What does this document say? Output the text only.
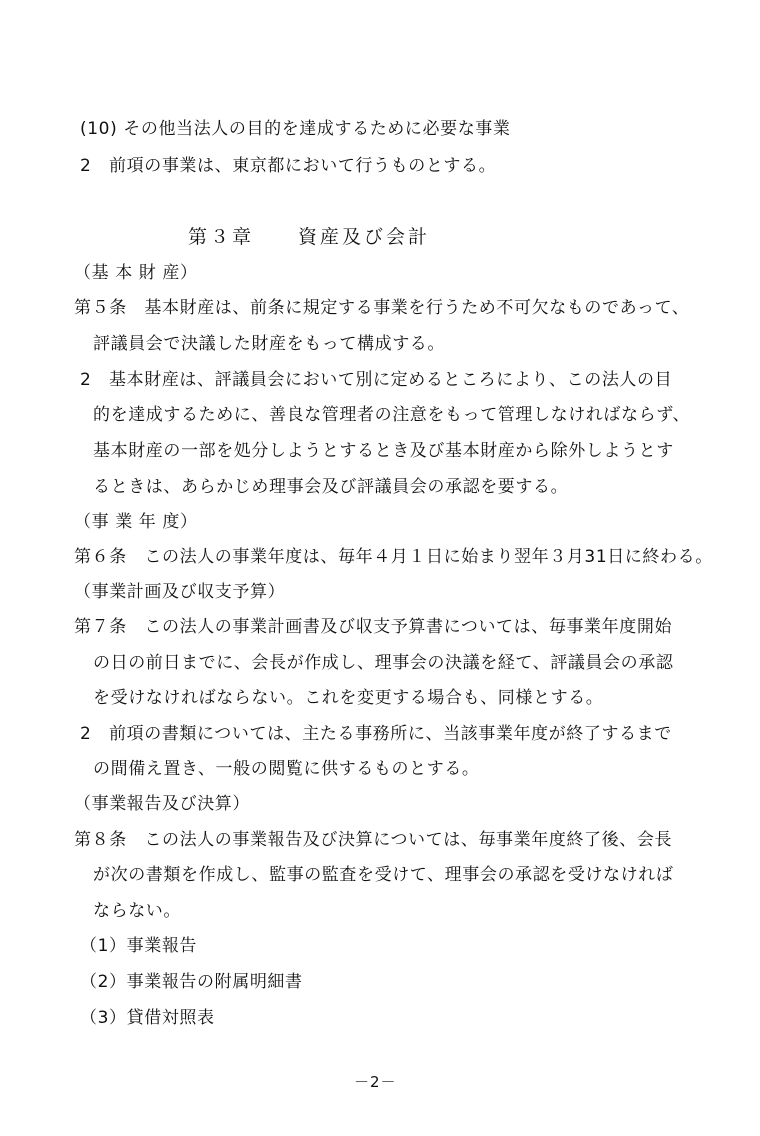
(10) その他当法人の目的を達成するために必要な事業
2　前項の事業は、東京都において行うものとする。
第３章　　資産及び会計
（基 本 財 産）
第５条　基本財産は、前条に規定する事業を行うため不可欠なものであって、
評議員会で決議した財産をもって構成する。
2　基本財産は、評議員会において別に定めるところにより、この法人の目
的を達成するために、善良な管理者の注意をもって管理しなければならず、
基本財産の一部を処分しようとするとき及び基本財産から除外しようとす
るときは、あらかじめ理事会及び評議員会の承認を要する。
（事 業 年 度）
第６条　この法人の事業年度は、毎年４月１日に始まり翌年３月31日に終わる。
（事業計画及び収支予算）
第７条　この法人の事業計画書及び収支予算書については、毎事業年度開始
の日の前日までに、会長が作成し、理事会の決議を経て、評議員会の承認
を受けなければならない。これを変更する場合も、同様とする。
2　前項の書類については、主たる事務所に、当該事業年度が終了するまで
の間備え置き、一般の閲覧に供するものとする。
（事業報告及び決算）
第８条　この法人の事業報告及び決算については、毎事業年度終了後、会長
が次の書類を作成し、監事の監査を受けて、理事会の承認を受けなければ
ならない。
（1）事業報告
（2）事業報告の附属明細書
（3）貸借対照表
－2－
